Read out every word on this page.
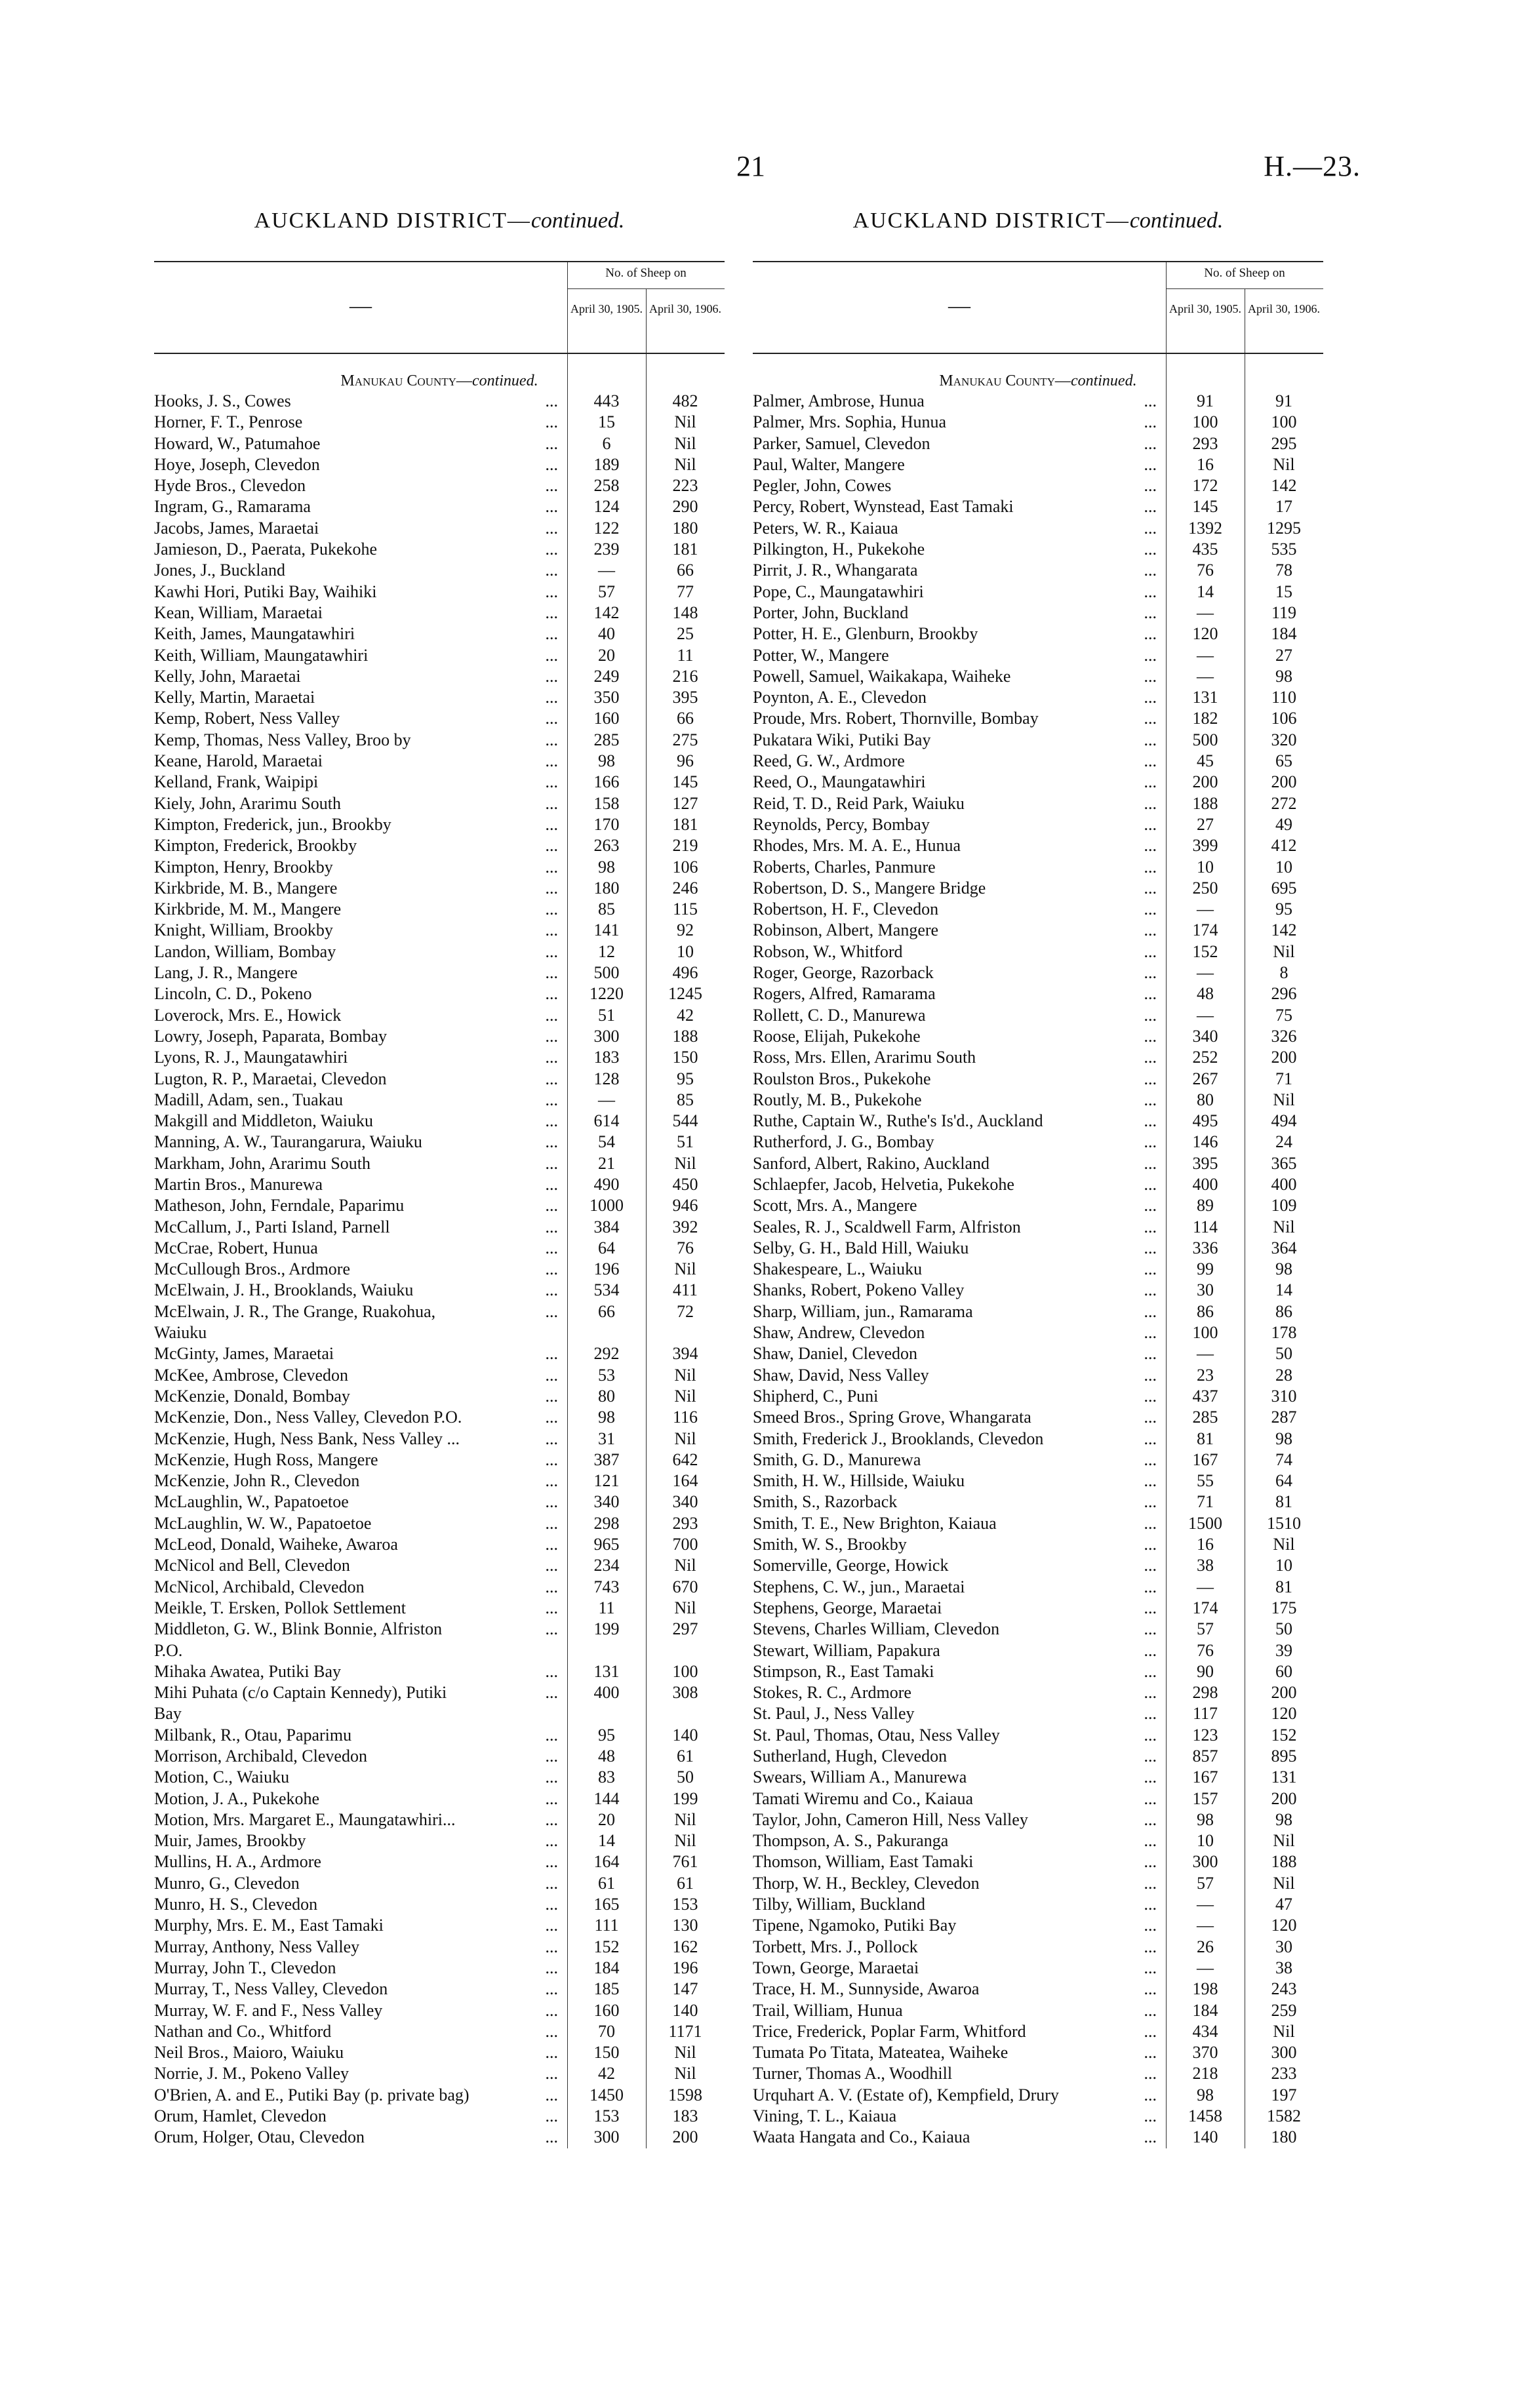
21	H.—23.
AUCKLAND DISTRICT—continued.
—
No. of Sheep on
April 30, 1905. April 30, 1906.
Manukau County—continued.
Hooks, J. S., Cowes	...	443	482
Horner, F. T., Penrose	...	15	Nil
Howard, W., Patumahoe	...	6	Nil
Hoye, Joseph, Clevedon	...	189	Nil
Hyde Bros., Clevedon	...	258	223
Ingram, G., Ramarama	...	124	290
Jacobs, James, Maraetai	...	122	180
Jamieson, D., Paerata, Pukekohe	...	239	181
Jones, J., Buckland	...	—	66
Kawhi Hori, Putiki Bay, Waihiki	...	57	77
Kean, William, Maraetai	...	142	148
Keith, James, Maungatawhiri	...	40	25
Keith, William, Maungatawhiri	...	20	11
Kelly, John, Maraetai	...	249	216
Kelly, Martin, Maraetai	...	350	395
Kemp, Robert, Ness Valley	...	160	66
Kemp, Thomas, Ness Valley, Broo by	...	285	275
Keane, Harold, Maraetai	...	98	96
Kelland, Frank, Waipipi	...	166	145
Kiely, John, Ararimu South	...	158	127
Kimpton, Frederick, jun., Brookby	...	170	181
Kimpton, Frederick, Brookby	...	263	219
Kimpton, Henry, Brookby	...	98	106
Kirkbride, M. B., Mangere	...	180	246
Kirkbride, M. M., Mangere	...	85	115
Knight, William, Brookby	...	141	92
Landon, William, Bombay	...	12	10
Lang, J. R., Mangere	...	500	496
Lincoln, C. D., Pokeno	...	1220	1245
Loverock, Mrs. E., Howick	...	51	42
Lowry, Joseph, Paparata, Bombay	...	300	188
Lyons, R. J., Maungatawhiri	...	183	150
Lugton, R. P., Maraetai, Clevedon	...	128	95
Madill, Adam, sen., Tuakau	...	—	85
Makgill and Middleton, Waiuku	...	614	544
Manning, A. W., Taurangarura, Waiuku	...	54	51
Markham, John, Ararimu South	...	21	Nil
Martin Bros., Manurewa	...	490	450
Matheson, John, Ferndale, Paparimu	...	1000	946
McCallum, J., Parti Island, Parnell	...	384	392
McCrae, Robert, Hunua	...	64	76
McCullough Bros., Ardmore	...	196	Nil
McElwain, J. H., Brooklands, Waiuku	...	534	411
McElwain, J. R., The Grange, Ruakohua,	...	66	72
Waiuku
McGinty, James, Maraetai	...	292	394
McKee, Ambrose, Clevedon	...	53	Nil
McKenzie, Donald, Bombay	...	80	Nil
McKenzie, Don., Ness Valley, Clevedon P.O.	...	98	116
McKenzie, Hugh, Ness Bank, Ness Valley ...	...	31	Nil
McKenzie, Hugh Ross, Mangere	...	387	642
McKenzie, John R., Clevedon	...	121	164
McLaughlin, W., Papatoetoe	...	340	340
McLaughlin, W. W., Papatoetoe	...	298	293
McLeod, Donald, Waiheke, Awaroa	...	965	700
McNicol and Bell, Clevedon	...	234	Nil
McNicol, Archibald, Clevedon	...	743	670
Meikle, T. Ersken, Pollok Settlement	...	11	Nil
Middleton, G. W., Blink Bonnie, Alfriston	...	199	297
P.O.
Mihaka Awatea, Putiki Bay	...	131	100
Mihi Puhata (c/o Captain Kennedy), Putiki	...	400	308
Bay
Milbank, R., Otau, Paparimu	...	95	140
Morrison, Archibald, Clevedon	...	48	61
Motion, C., Waiuku	...	83	50
Motion, J. A., Pukekohe	...	144	199
Motion, Mrs. Margaret E., Maungatawhiri...	...	20	Nil
Muir, James, Brookby	...	14	Nil
Mullins, H. A., Ardmore	...	164	761
Munro, G., Clevedon	...	61	61
Munro, H. S., Clevedon	...	165	153
Murphy, Mrs. E. M., East Tamaki	...	111	130
Murray, Anthony, Ness Valley	...	152	162
Murray, John T., Clevedon	...	184	196
Murray, T., Ness Valley, Clevedon	...	185	147
Murray, W. F. and F., Ness Valley	...	160	140
Nathan and Co., Whitford	...	70	1171
Neil Bros., Maioro, Waiuku	...	150	Nil
Norrie, J. M., Pokeno Valley	...	42	Nil
O'Brien, A. and E., Putiki Bay (p. private bag)	...	1450	1598
Orum, Hamlet, Clevedon	...	153	183
Orum, Holger, Otau, Clevedon	...	300	200
AUCKLAND DISTRICT—continued.
—
No. of Sheep on
April 30, 1905. April 30, 1906.
Manukau County—continued.
Palmer, Ambrose, Hunua	...	91	91
Palmer, Mrs. Sophia, Hunua	...	100	100
Parker, Samuel, Clevedon	...	293	295
Paul, Walter, Mangere	...	16	Nil
Pegler, John, Cowes	...	172	142
Percy, Robert, Wynstead, East Tamaki	...	145	17
Peters, W. R., Kaiaua	...	1392	1295
Pilkington, H., Pukekohe	...	435	535
Pirrit, J. R., Whangarata	...	76	78
Pope, C., Maungatawhiri	...	14	15
Porter, John, Buckland	...	—	119
Potter, H. E., Glenburn, Brookby	...	120	184
Potter, W., Mangere	...	—	27
Powell, Samuel, Waikakapa, Waiheke	...	—	98
Poynton, A. E., Clevedon	...	131	110
Proude, Mrs. Robert, Thornville, Bombay	...	182	106
Pukatara Wiki, Putiki Bay	...	500	320
Reed, G. W., Ardmore	...	45	65
Reed, O., Maungatawhiri	...	200	200
Reid, T. D., Reid Park, Waiuku	...	188	272
Reynolds, Percy, Bombay	...	27	49
Rhodes, Mrs. M. A. E., Hunua	...	399	412
Roberts, Charles, Panmure	...	10	10
Robertson, D. S., Mangere Bridge	...	250	695
Robertson, H. F., Clevedon	...	—	95
Robinson, Albert, Mangere	...	174	142
Robson, W., Whitford	...	152	Nil
Roger, George, Razorback	...	—	8
Rogers, Alfred, Ramarama	...	48	296
Rollett, C. D., Manurewa	...	—	75
Roose, Elijah, Pukekohe	...	340	326
Ross, Mrs. Ellen, Ararimu South	...	252	200
Roulston Bros., Pukekohe	...	267	71
Routly, M. B., Pukekohe	...	80	Nil
Ruthe, Captain W., Ruthe's Is'd., Auckland	...	495	494
Rutherford, J. G., Bombay	...	146	24
Sanford, Albert, Rakino, Auckland	...	395	365
Schlaepfer, Jacob, Helvetia, Pukekohe	...	400	400
Scott, Mrs. A., Mangere	...	89	109
Seales, R. J., Scaldwell Farm, Alfriston	...	114	Nil
Selby, G. H., Bald Hill, Waiuku	...	336	364
Shakespeare, L., Waiuku	...	99	98
Shanks, Robert, Pokeno Valley	...	30	14
Sharp, William, jun., Ramarama	...	86	86
Shaw, Andrew, Clevedon	...	100	178
Shaw, Daniel, Clevedon	...	—	50
Shaw, David, Ness Valley	...	23	28
Shipherd, C., Puni	...	437	310
Smeed Bros., Spring Grove, Whangarata	...	285	287
Smith, Frederick J., Brooklands, Clevedon	...	81	98
Smith, G. D., Manurewa	...	167	74
Smith, H. W., Hillside, Waiuku	...	55	64
Smith, S., Razorback	...	71	81
Smith, T. E., New Brighton, Kaiaua	...	1500	1510
Smith, W. S., Brookby	...	16	Nil
Somerville, George, Howick	...	38	10
Stephens, C. W., jun., Maraetai	...	—	81
Stephens, George, Maraetai	...	174	175
Stevens, Charles William, Clevedon	...	57	50
Stewart, William, Papakura	...	76	39
Stimpson, R., East Tamaki	...	90	60
Stokes, R. C., Ardmore	...	298	200
St. Paul, J., Ness Valley	...	117	120
St. Paul, Thomas, Otau, Ness Valley	...	123	152
Sutherland, Hugh, Clevedon	...	857	895
Swears, William A., Manurewa	...	167	131
Tamati Wiremu and Co., Kaiaua	...	157	200
Taylor, John, Cameron Hill, Ness Valley	...	98	98
Thompson, A. S., Pakuranga	...	10	Nil
Thomson, William, East Tamaki	...	300	188
Thorp, W. H., Beckley, Clevedon	...	57	Nil
Tilby, William, Buckland	...	—	47
Tipene, Ngamoko, Putiki Bay	...	—	120
Torbett, Mrs. J., Pollock	...	26	30
Town, George, Maraetai	...	—	38
Trace, H. M., Sunnyside, Awaroa	...	198	243
Trail, William, Hunua	...	184	259
Trice, Frederick, Poplar Farm, Whitford	...	434	Nil
Tumata Po Titata, Mateatea, Waiheke	...	370	300
Turner, Thomas A., Woodhill	...	218	233
Urquhart A. V. (Estate of), Kempfield, Drury	...	98	197
Vining, T. L., Kaiaua	...	1458	1582
Waata Hangata and Co., Kaiaua	...	140	180
